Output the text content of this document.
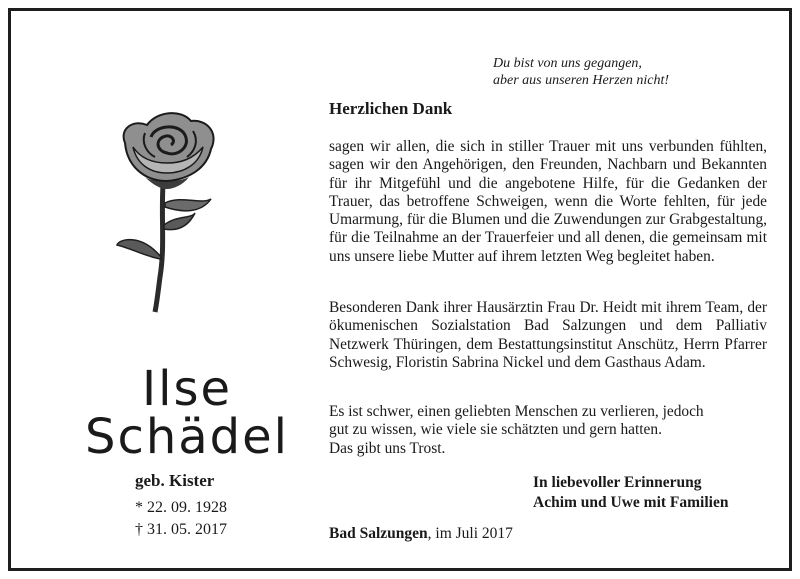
Du bist von uns gegangen,
aber aus unseren Herzen nicht!
Ilse
Schädel
geb. Kister
* 22. 09. 1928
† 31. 05. 2017
Herzlichen Dank
sagen wir allen, die sich in stiller Trauer mit uns verbunden fühlten, sagen wir den Angehörigen, den Freunden, Nachbarn und Bekannten für ihr Mitgefühl und die angebotene Hilfe, für die Gedanken der Trauer, das betroffene Schweigen, wenn die Worte fehlten, für jede Umarmung, für die Blumen und die Zuwendungen zur Grabgestaltung, für die Teilnahme an der Trauerfeier und all denen, die gemeinsam mit uns unsere liebe Mutter auf ihrem letzten Weg begleitet haben.
Besonderen Dank ihrer Hausärztin Frau Dr. Heidt mit ihrem Team, der ökumenischen Sozialstation Bad Salzungen und dem Palliativ Netzwerk Thüringen, dem Bestattungsinstitut Anschütz, Herrn Pfarrer Schwesig, Floristin Sabrina Nickel und dem Gasthaus Adam.
Es ist schwer, einen geliebten Menschen zu verlieren, jedoch
gut zu wissen, wie viele sie schätzten und gern hatten.
Das gibt uns Trost.
In liebevoller Erinnerung
Achim und Uwe mit Familien
Bad Salzungen, im Juli 2017
